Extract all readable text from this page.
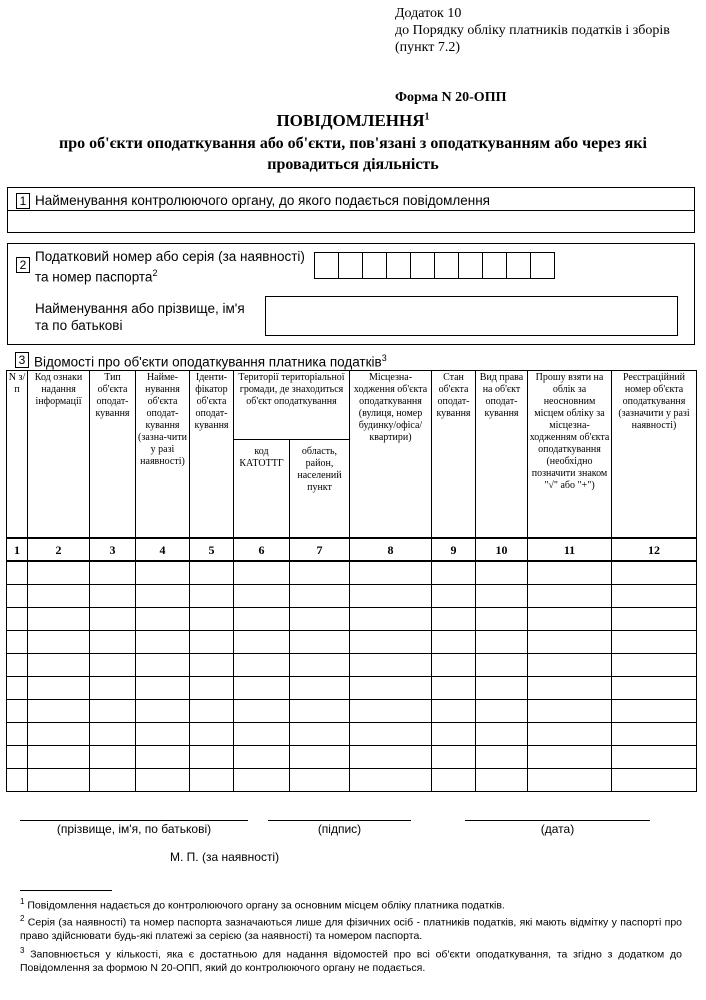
Додаток 10
до Порядку обліку платників податків і зборів
(пункт 7.2)
Форма N 20-ОПП
ПОВІДОМЛЕННЯ$^1$
про об'єкти оподаткування або об'єкти, пов'язані з оподаткуванням або через які
провадиться діяльність
1 Найменування контролюючого органу, до якого подається повідомлення
2
Податковий номер або серія (за наявності)
та номер паспорта$^2$
Найменування або прізвище, ім'я
та по батькові
3 Відомості про об'єкти оподаткування платника податків$^3$
N з/п	Код ознаки надання інформації	Тип об'єкта оподат-кування	Найме-нування об'єкта оподат-кування (зазна-чити у разі наявності)	Іденти-фікатор об'єкта оподат-кування	Території територіальної громади, де знаходиться об'єкт оподаткування		Місцезна-ходження об'єкта оподаткування (вулиця, номер будинку/офіса/ квартири)	Стан об'єкта оподат-кування	Вид права на об'єкт оподат-кування	Прошу взяти на облік за неосновним місцем обліку за місцезна-ходженням об'єкта оподаткування (необхідно позначити знаком "√" або "+")	Реєстраційний номер об'єкта оподаткування (зазначити у разі наявності)
					код КАТОТТГ	область, район, населений пункт					
1	2	3	4	5	6	7	8	9	10	11	12

(прізвище, ім'я, по батькові)	(підпис)	(дата)
М. П. (за наявності)
$^1$ Повідомлення надається до контролюючого органу за основним місцем обліку платника податків.
$^2$ Серія (за наявності) та номер паспорта зазначаються лише для фізичних осіб - платників податків, які мають відмітку у паспорті про право здійснювати будь-які платежі за серією (за наявності) та номером паспорта.
$^3$ Заповнюється у кількості, яка є достатньою для надання відомостей про всі об'єкти оподаткування, та згідно з додатком до Повідомлення за формою N 20-ОПП, який до контролюючого органу не подається.
